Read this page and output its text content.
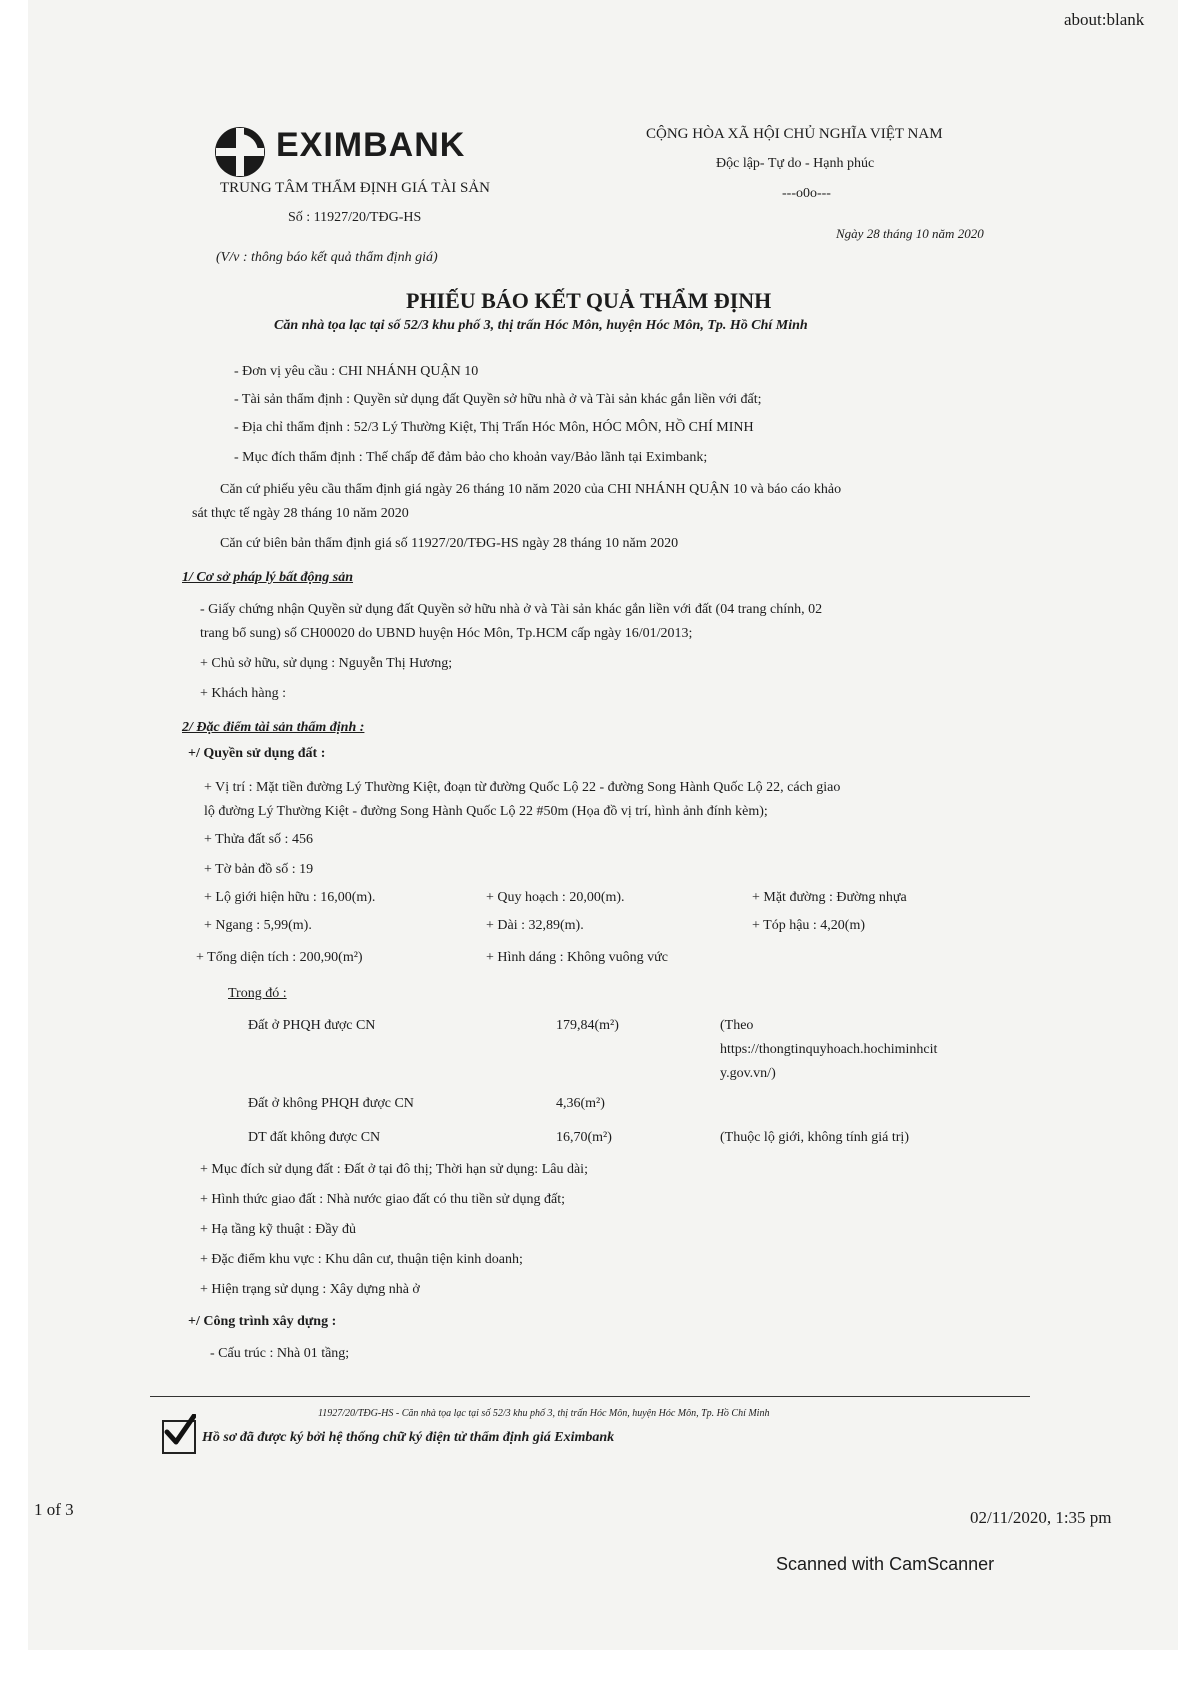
about:blank
1 of 3	02/11/2020, 1:35 pm
Scanned with CamScanner
EXIMBANK
TRUNG TÂM THẨM ĐỊNH GIÁ TÀI SẢN
Số : 11927/20/TĐG-HS
(V/v : thông báo kết quả thẩm định giá)
CỘNG HÒA XÃ HỘI CHỦ NGHĨA VIỆT NAM
Độc lập- Tự do - Hạnh phúc
---o0o---
Ngày 28 tháng 10 năm 2020
PHIẾU BÁO KẾT QUẢ THẨM ĐỊNH
Căn nhà tọa lạc tại số 52/3 khu phố 3, thị trấn Hóc Môn, huyện Hóc Môn, Tp. Hồ Chí Minh
- Đơn vị yêu cầu : CHI NHÁNH QUẬN 10
- Tài sản thẩm định : Quyền sử dụng đất Quyền sở hữu nhà ở và Tài sản khác gắn liền với đất;
- Địa chỉ thẩm định : 52/3 Lý Thường Kiệt, Thị Trấn Hóc Môn, HÓC MÔN, HỒ CHÍ MINH
- Mục đích thẩm định : Thế chấp để đảm bảo cho khoản vay/Bảo lãnh tại Eximbank;
Căn cứ phiếu yêu cầu thẩm định giá ngày 26 tháng 10 năm 2020 của CHI NHÁNH QUẬN 10 và báo cáo khảo
sát thực tế ngày 28 tháng 10 năm 2020
Căn cứ biên bản thẩm định giá số 11927/20/TĐG-HS ngày 28 tháng 10 năm 2020
1/ Cơ sở pháp lý bất động sản
- Giấy chứng nhận Quyền sử dụng đất Quyền sở hữu nhà ở và Tài sản khác gắn liền với đất (04 trang chính, 02
trang bổ sung) số CH00020 do UBND huyện Hóc Môn, Tp.HCM cấp ngày 16/01/2013;
+ Chủ sở hữu, sử dụng : Nguyễn Thị Hương;
+ Khách hàng :
2/ Đặc điểm tài sản thẩm định :
+/ Quyền sử dụng đất :
+ Vị trí : Mặt tiền đường Lý Thường Kiệt, đoạn từ đường Quốc Lộ 22 - đường Song Hành Quốc Lộ 22, cách giao
lộ đường Lý Thường Kiệt - đường Song Hành Quốc Lộ 22 #50m (Họa đồ vị trí, hình ảnh đính kèm);
+ Thửa đất số : 456
+ Tờ bản đồ số : 19
+ Lộ giới hiện hữu : 16,00(m).	+ Quy hoạch : 20,00(m).	+ Mặt đường : Đường nhựa
+ Ngang : 5,99(m).	+ Dài : 32,89(m).	+ Tóp hậu : 4,20(m)
+ Tổng diện tích : 200,90(m²)	+ Hình dáng : Không vuông vức
Trong đó :
Đất ở PHQH được CN	179,84(m²)	(Theo
https://thongtinquyhoach.hochiminhcit
y.gov.vn/)
Đất ở không PHQH được CN	4,36(m²)
DT đất không được CN	16,70(m²)	(Thuộc lộ giới, không tính giá trị)
+ Mục đích sử dụng đất : Đất ở tại đô thị; Thời hạn sử dụng: Lâu dài;
+ Hình thức giao đất : Nhà nước giao đất có thu tiền sử dụng đất;
+ Hạ tầng kỹ thuật : Đầy đủ
+ Đặc điểm khu vực : Khu dân cư, thuận tiện kinh doanh;
+ Hiện trạng sử dụng : Xây dựng nhà ở
+/ Công trình xây dựng :
- Cấu trúc : Nhà 01 tầng;
11927/20/TĐG-HS - Căn nhà tọa lạc tại số 52/3 khu phố 3, thị trấn Hóc Môn, huyện Hóc Môn, Tp. Hồ Chí Minh
Hồ sơ đã được ký bởi hệ thống chữ ký điện tử thẩm định giá Eximbank
